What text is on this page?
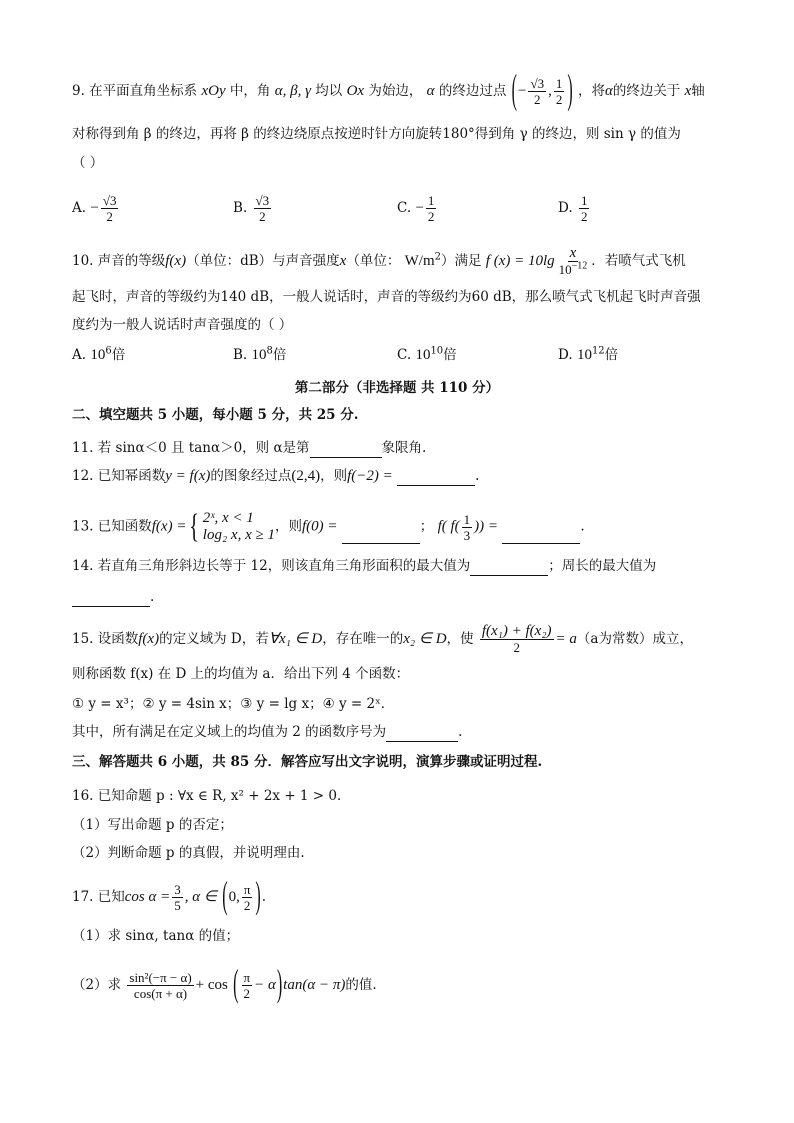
9. 在平面直角坐标系 xOy 中，角 α, β, γ 均以 Ox 为始边， α 的终边过点 (− $\frac{√3}{2}$ , $\frac{1}{2}$ ) ，将α的终边关于 x轴
对称得到角 β 的终边，再将 β 的终边绕原点按逆时针方向旋转180°得到角 γ 的终边，则 sin γ 的值为
（ ）
A. − $\frac{√3}{2}$	B. $\frac{√3}{2}$	C. − $\frac{1}{2}$	D. $\frac{1}{2}$
10. 声音的等级f(x)（单位：dB）与声音强度x（单位： $W/m^2$）满足 f $(x) = 10\lg \frac{x}{10^{-12}}$ ．若喷气式飞机
起飞时，声音的等级约为140 dB，一般人说话时，声音的等级约为60 dB，那么喷气式飞机起飞时声音强
度约为一般人说话时声音强度的（ ）
A. $10^6$倍	B. $10^8$倍	C. $10^{10}$倍	D. $10^{12}$倍
第二部分（非选择题 共 110 分）
二、填空题共 5 小题，每小题 5 分，共 25 分.
11. 若 sinα＜0 且 tanα＞0，则 α是第	象限角.
12. 已知幂函数y = f(x)的图象经过点(2,4)，则f(−2) =	.
13. 已知函数f(x) ={ 2ˣ, x < 1
log₂ x, x ≥ 1
，则f(0) =	； f( $f( \frac{1}{3}$ )) =	.
14. 若直角三角形斜边长等于 12，则该直角三角形面积的最大值为	；周长的最大值为
.
15. 设函数f(x)的定义域为 D，若∀x₁ ∈ D，存在唯一的x₂ ∈ D，使 $\frac{\text{f(x₁) + f(x₂)}}{2} = a(a$为常数）成立，
则称函数 f(x) 在 D 上的均值为 a．给出下列 4 个函数：
① y = x³；② y = 4sin x；③ y = lg x；④ y = 2ˣ．
其中，所有满足在定义域上的均值为 2 的函数序号为	.
三、解答题共 6 小题，共 85 分．解答应写出文字说明，演算步骤或证明过程.
16. 已知命题 p : ∀x ∈ R, x² + 2x + 1 > 0．
（1）写出命题 p 的否定；
（2）判断命题 p 的真假，并说明理由.
17. 已知$\cos \alpha = \frac{3}{5}$ , α ∈ (0, $\frac{\pi}{2}$ ).
（1）求 sinα, tanα 的值；
（2）求 $\frac{\text{sin²(−π − α)}}{\cos(\pi + \alpha)} + \cos$ ( $\frac{\pi}{2} - \alpha)\tan(\alpha - \pi)$的值.
